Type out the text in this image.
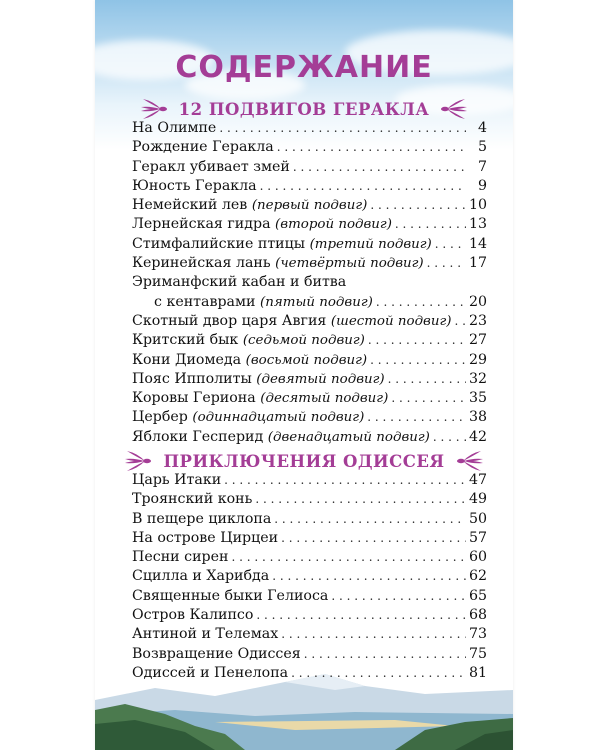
СОДЕРЖАНИЕ
12 ПОДВИГОВ ГЕРАКЛА
На Олимпе . . .	4
Рождение Геракла . . .	5
Геракл убивает змей . . .	7
Юность Геракла . . .	9
Немейский лев (первый подвиг) . . .	10
Лернейская гидра (второй подвиг) . . .	13
Стимфалийские птицы (третий подвиг) . . .	14
Керинейская лань (четвёртый подвиг) . . .	17
Эриманфский кабан и битва
с кентаврами (пятый подвиг) . . .	20
Скотный двор царя Авгия (шестой подвиг) . . . 23
Критский бык (седьмой подвиг) . . .	27
Кони Диомеда (восьмой подвиг) . . .	29
Пояс Ипполиты (девятый подвиг) . . .	32
Коровы Гериона (десятый подвиг) . . .	35
Цербер (одиннадцатый подвиг) . . .	38
Яблоки Гесперид (двенадцатый подвиг) . . .	42
ПРИКЛЮЧЕНИЯ ОДИССЕЯ
Царь Итаки . . .	47
Троянский конь . . .	49
В пещере циклопа . . .	50
На острове Цирцеи . . .	57
Песни сирен . . .	60
Сцилла и Харибда . . .	62
Священные быки Гелиоса . . .	65
Остров Калипсо . . .	68
Антиной и Телемах . . .	73
Возвращение Одиссея . . .	75
Одиссей и Пенелопа . . .	81
